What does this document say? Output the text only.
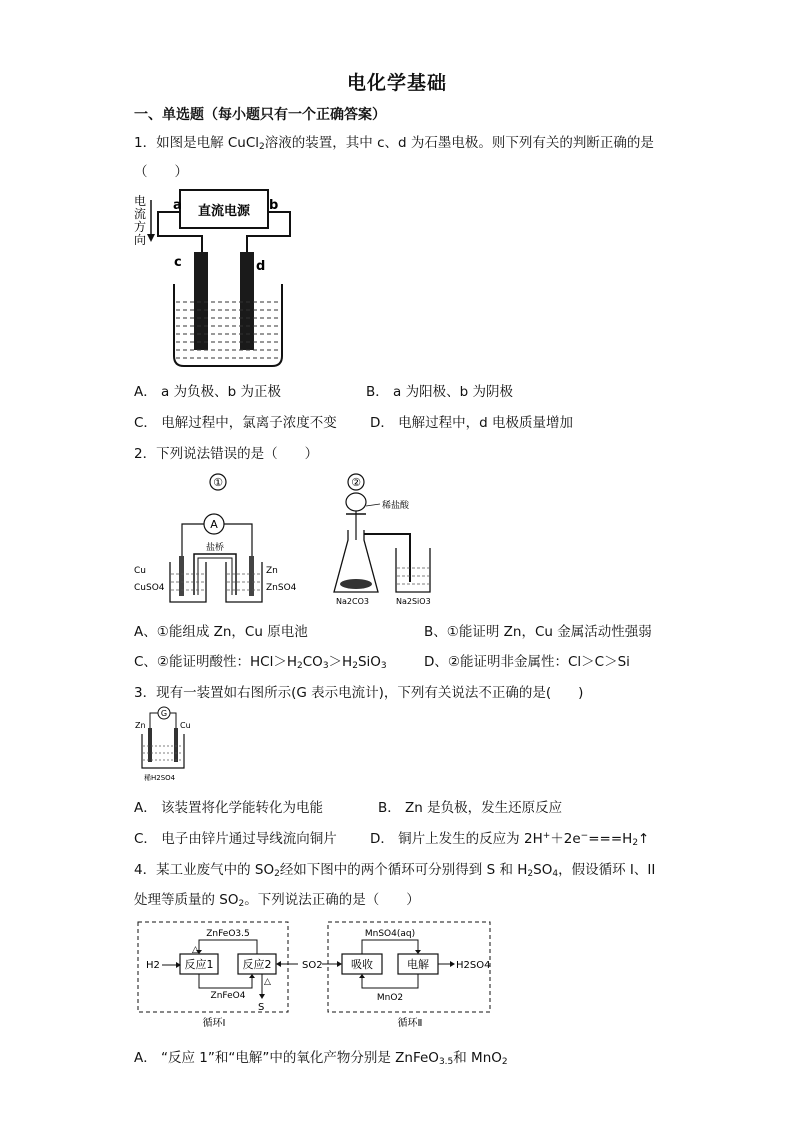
电化学基础
一、单选题（每小题只有一个正确答案）
1．如图是电解 CuCl$_2$溶液的装置，其中 c、d 为石墨电极。则下列有关的判断正确的是
（　　）
直流电源
a	b
电
流
方
向
c	d
A． a 为负极、b 为正极	B． a 为阳极、b 为阴极
C． 电解过程中，氯离子浓度不变 D． 电解过程中，d 电极质量增加
2．下列说法错误的是（　　）
①
A
盐桥
Cu
CuSO4
Zn
ZnSO4
②
稀盐酸
Na2CO3	Na2SiO3
A、①能组成 Zn，Cu 原电池	B、①能证明 Zn，Cu 金属活动性强弱
C、②能证明酸性：$HCl>H_2CO_3>H_2SiO_3$	D、②能证明非金属性：Cl＞C＞Si
3．现有一装置如右图所示(G 表示电流计)，下列有关说法不正确的是(　　)
G
Zn	Cu
稀H2SO4
A． 该装置将化学能转化为电能	B． Zn 是负极，发生还原反应
C． 电子由锌片通过导线流向铜片 D． 铜片上发生的反应为 $2H^++2e^-===H_2↑$
4．某工业废气中的 $SO_2$经如下图中的两个循环可分别得到 S 和 $H_2SO_4$，假设循环 I、II
处理等质量的 $SO_2$。下列说法正确的是（　　）
H2 反应1	反应2
ZnFeO3.5
△
ZnFeO4
S
△
SO2	吸收	电解
MnSO4(aq)
MnO2
H2SO4
循环Ⅰ	循环Ⅱ
A． “反应 1”和“电解”中的氧化产物分别是 ZnFeO$_{3.5}$和 MnO$_2$
